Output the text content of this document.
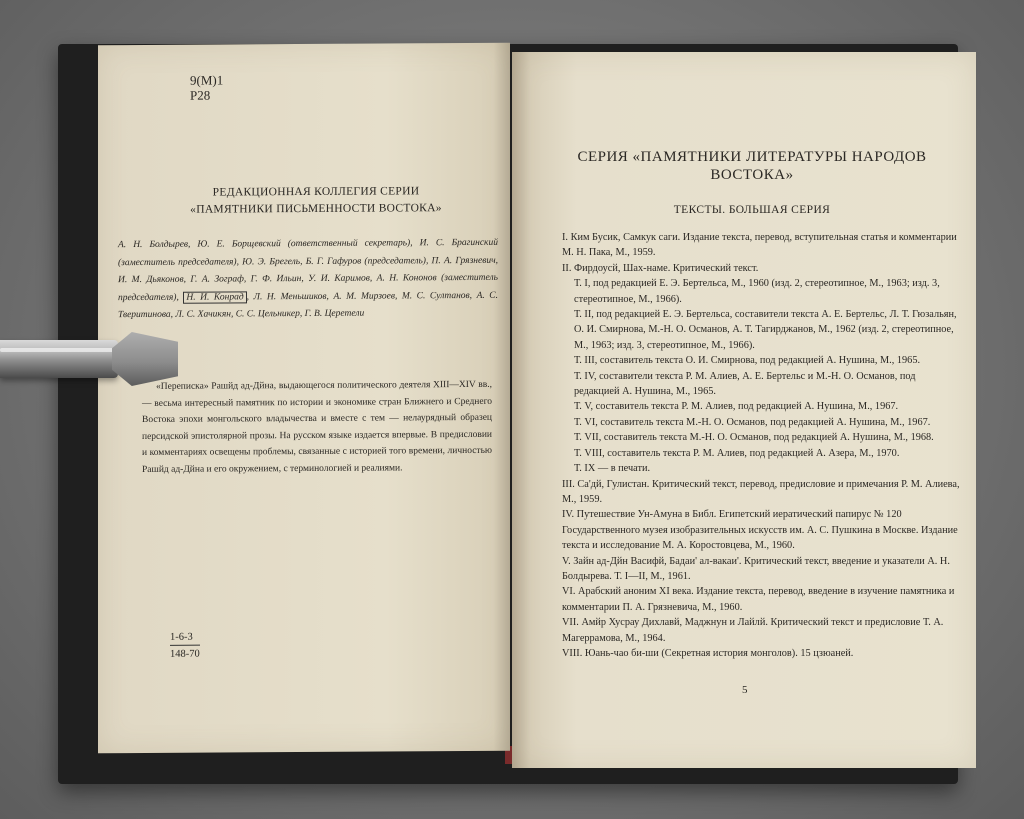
9(М)1
Р28
РЕДАКЦИОННАЯ КОЛЛЕГИЯ СЕРИИ
«ПАМЯТНИКИ ПИСЬМЕННОСТИ ВОСТОКА»
А. Н. Болдырев, Ю. Е. Борщевский (ответственный секретарь), И. С. Брагинский (заместитель председателя), Ю. Э. Брегель, Б. Г. Гафуров (председатель), П. А. Грязневич, И. М. Дьяконов, Г. А. Зограф, Г. Ф. Ильин, У. И. Каримов, А. Н. Кононов (заместитель председателя), Н. И. Конрад , Л. Н. Меньшиков, А. М. Мирзоев, М. С. Султанов, А. С. Тверитинова, Л. С. Хачикян, С. С. Цельникер, Г. В. Церетели
«Переписка» Рашйд ад-Дйна, выдающегося политического деятеля XIII—XIV вв., — весьма интересный памятник по истории и экономике стран Ближнего и Среднего Востока эпохи монгольского владычества и вместе с тем — нелаурядный образец персидской эпистолярной прозы. На русском языке издается впервые. В предисловии и комментариях освещены проблемы, связанные с историей того времени, личностью Рашйд ад-Дйна и его окружением, с терминологией и реалиями.
1-6-3
148-70
СЕРИЯ «ПАМЯТНИКИ ЛИТЕРАТУРЫ НАРОДОВ
ВОСТОКА»
ТЕКСТЫ. БОЛЬШАЯ СЕРИЯ

I. Ким Бусик, Самкук саги. Издание текста, перевод, вступительная статья и комментарии М. Н. Пака, М., 1959.

II. Фирдоусй, Шах-наме. Критический текст.

Т. I, под редакцией Е. Э. Бертельса, М., 1960 (изд. 2, стереотипное, М., 1963; изд. 3, стереотипное, М., 1966).

Т. II, под редакцией Е. Э. Бертельса, составители текста А. Е. Бертельс, Л. Т. Гюзальян, О. И. Смирнова, М.-Н. О. Османов, А. Т. Тагирджанов, М., 1962 (изд. 2, стереотипное, М., 1963; изд. 3, стереотипное, М., 1966).

Т. III, составитель текста О. И. Смирнова, под редакцией А. Нушина, М., 1965.

Т. IV, составители текста Р. М. Алиев, А. Е. Бертельс и М.-Н. О. Османов, под редакцией А. Нушина, М., 1965.

Т. V, составитель текста Р. М. Алиев, под редакцией А. Нушина, М., 1967.

Т. VI, составитель текста М.-Н. О. Османов, под редакцией А. Нушина, М., 1967.

Т. VII, составитель текста М.-Н. О. Османов, под редакцией А. Нушина, М., 1968.

Т. VIII, составитель текста Р. М. Алиев, под редакцией А. Азера, М., 1970.

Т. IX — в печати.

III. Са'дй, Гулистан. Критический текст, перевод, предисловие и примечания Р. М. Алиева, М., 1959.

IV. Путешествие Ун-Амуна в Библ. Египетский иератический папирус № 120 Государственного музея изобразительных искусств им. А. С. Пушкина в Москве. Издание текста и исследование М. А. Коростовцева, М., 1960.

V. Зайн ад-Дйн Васифй, Бадаи' ал-вакаи'. Критический текст, введение и указатели А. Н. Болдырева. Т. I—II, М., 1961.

VI. Арабский аноним XI века. Издание текста, перевод, введение в изучение памятника и комментарии П. А. Грязневича, М., 1960.

VII. Амйр Хусрау Дихлавй, Маджнун и Лайлй. Критический текст и предисловие Т. А. Магеррамова, М., 1964.

VIII. Юань-чао би-ши (Секретная история монголов). 15 цзюаней.

5
